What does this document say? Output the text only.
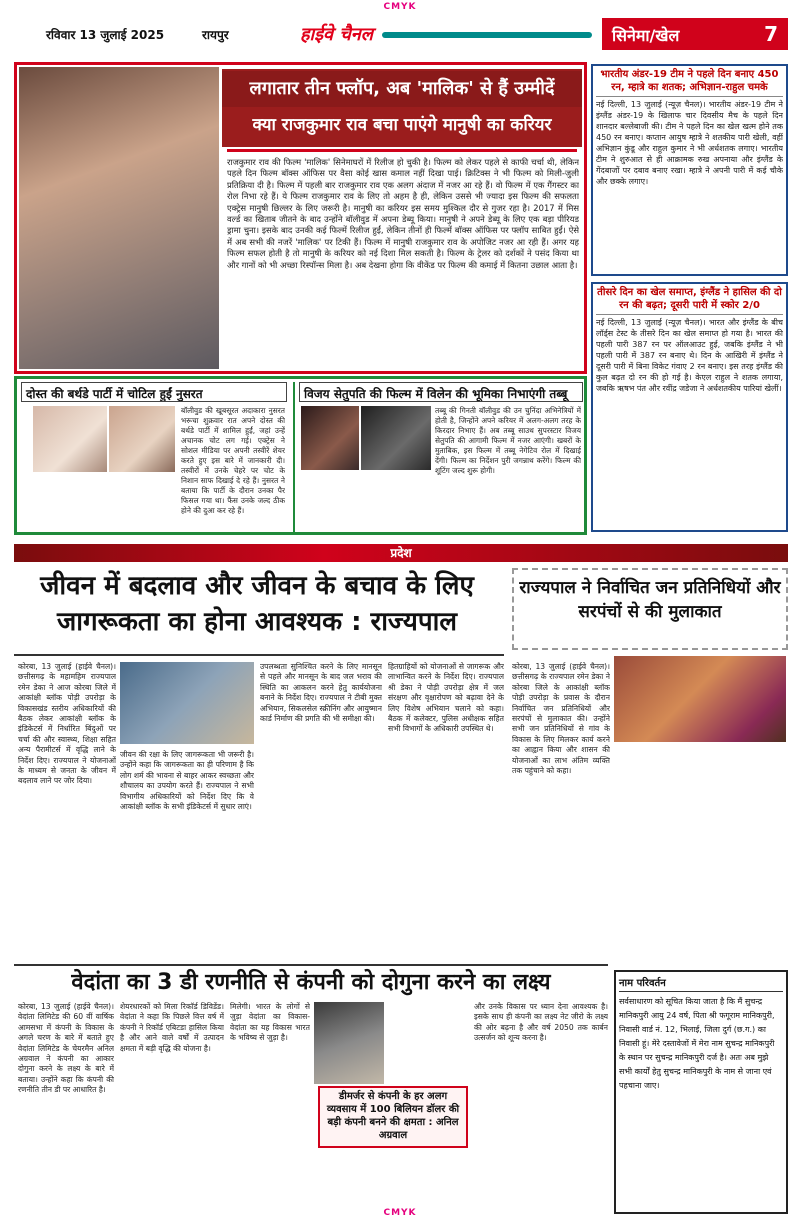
CMYK
रविवार 13 जुलाई 2025	रायपुर	हाईवे चैनल	सिनेमा/खेल	7
लगातार तीन फ्लॉप, अब 'मालिक' से हैं उम्मीदें
क्या राजकुमार राव बचा पाएंगे मानुषी का करियर
राजकुमार राव की फिल्म 'मालिक' सिनेमाघरों में रिलीज हो चुकी है। फिल्म को लेकर पहले से काफी चर्चा थी, लेकिन पहले दिन फिल्म बॉक्स ऑफिस पर वैसा कोई खास कमाल नहीं दिखा पाई। क्रिटिक्स ने भी फिल्म को मिली-जुली प्रतिक्रिया दी है। फिल्म में पहली बार राजकुमार राव एक अलग अंदाज में नजर आ रहे हैं। वो फिल्म में एक गैंगस्टर का रोल निभा रहे हैं। ये फिल्म राजकुमार राव के लिए तो अहम है ही, लेकिन उससे भी ज्यादा इस फिल्म की सफलता एक्ट्रेस मानुषी छिल्लर के लिए जरूरी है। मानुषी का करियर इस समय मुश्किल दौर से गुजर रहा है। 2017 में मिस वर्ल्ड का खिताब जीतने के बाद उन्होंने बॉलीवुड में अपना डेब्यू किया। मानुषी ने अपने डेब्यू के लिए एक बड़ा पीरियड ड्रामा चुना। इसके बाद उनकी कई फिल्में रिलीज हुईं, लेकिन तीनों ही फिल्में बॉक्स ऑफिस पर फ्लॉप साबित हुईं। ऐसे में अब सभी की नजरें 'मालिक' पर टिकी हैं। फिल्म में मानुषी राजकुमार राव के अपोजिट नजर आ रही हैं। अगर यह फिल्म सफल होती है तो मानुषी के करियर को नई दिशा मिल सकती है। फिल्म के ट्रेलर को दर्शकों ने पसंद किया था और गानों को भी अच्छा रिस्पॉन्स मिला है। अब देखना होगा कि वीकेंड पर फिल्म की कमाई में कितना उछाल आता है।
भारतीय अंडर-19 टीम ने पहले दिन बनाए 450 रन, म्हात्रे का शतक; अभिज्ञान-राहुल चमके
नई दिल्ली, 13 जुलाई (न्यूज़ चैनल)। भारतीय अंडर-19 टीम ने इंग्लैंड अंडर-19 के खिलाफ चार दिवसीय मैच के पहले दिन शानदार बल्लेबाजी की। टीम ने पहले दिन का खेल खत्म होने तक 450 रन बनाए। कप्तान आयुष म्हात्रे ने शतकीय पारी खेली, वहीं अभिज्ञान कुंडू और राहुल कुमार ने भी अर्धशतक लगाए। भारतीय टीम ने शुरुआत से ही आक्रामक रुख अपनाया और इंग्लैंड के गेंदबाजों पर दबाव बनाए रखा। म्हात्रे ने अपनी पारी में कई चौके और छक्के लगाए।
तीसरे दिन का खेल समाप्त, इंग्लैंड ने हासिल की दो रन की बढ़त; दूसरी पारी में स्कोर 2/0
नई दिल्ली, 13 जुलाई (न्यूज़ चैनल)। भारत और इंग्लैंड के बीच लॉर्ड्स टेस्ट के तीसरे दिन का खेल समाप्त हो गया है। भारत की पहली पारी 387 रन पर ऑलआउट हुई, जबकि इंग्लैंड ने भी पहली पारी में 387 रन बनाए थे। दिन के आखिरी में इंग्लैंड ने दूसरी पारी में बिना विकेट गंवाए 2 रन बनाए। इस तरह इंग्लैंड की कुल बढ़त दो रन की हो गई है। केएल राहुल ने शतक लगाया, जबकि ऋषभ पंत और रवींद्र जडेजा ने अर्धशतकीय पारियां खेलीं।
दोस्त की बर्थडे पार्टी में चोटिल हुईं नुसरत
बॉलीवुड की खूबसूरत अदाकारा नुसरत भरूचा शुक्रवार रात अपने दोस्त की बर्थडे पार्टी में शामिल हुईं, जहां उन्हें अचानक चोट लग गई। एक्ट्रेस ने सोशल मीडिया पर अपनी तस्वीरें शेयर करते हुए इस बारे में जानकारी दी। तस्वीरों में उनके चेहरे पर चोट के निशान साफ दिखाई दे रहे हैं। नुसरत ने बताया कि पार्टी के दौरान उनका पैर फिसल गया था। फैंस उनके जल्द ठीक होने की दुआ कर रहे हैं।
विजय सेतुपति की फिल्म में विलेन की भूमिका निभाएंगी तब्बू
तब्बू की गिनती बॉलीवुड की उन चुनिंदा अभिनेत्रियों में होती है, जिन्होंने अपने करियर में अलग-अलग तरह के किरदार निभाए हैं। अब तब्बू साउथ सुपरस्टार विजय सेतुपति की आगामी फिल्म में नजर आएंगी। खबरों के मुताबिक, इस फिल्म में तब्बू नेगेटिव रोल में दिखाई देंगी। फिल्म का निर्देशन पुरी जगन्नाथ करेंगे। फिल्म की शूटिंग जल्द शुरू होगी।
प्रदेश
जीवन में बदलाव और जीवन के बचाव के लिए जागरूकता का होना आवश्यक : राज्यपाल
राज्यपाल ने निर्वाचित जन प्रतिनिधियों और सरपंचों से की मुलाकात
कोरबा, 13 जुलाई (हाईवे चैनल)। छत्तीसगढ़ के महामहिम राज्यपाल रमेन डेका ने आज कोरबा जिले में आकांक्षी ब्लॉक पोड़ी उपरोड़ा के विकासखंड स्तरीय अधिकारियों की बैठक लेकर आकांक्षी ब्लॉक के इंडिकेटर्स में निर्धारित बिंदुओं पर चर्चा की और स्वास्थ्य, शिक्षा सहित अन्य पैरामीटर्स में वृद्धि लाने के निर्देश दिए। राज्यपाल ने योजनाओं के माध्यम से जनता के जीवन में बदलाव लाने पर जोर दिया।
जीवन की रक्षा के लिए जागरूकता भी जरूरी है। उन्होंने कहा कि जागरूकता का ही परिणाम है कि लोग शर्म की भावना से बाहर आकर स्वच्छता और शौचालय का उपयोग करते हैं। राज्यपाल ने सभी विभागीय अधिकारियों को निर्देश दिए कि वे आकांक्षी ब्लॉक के सभी इंडिकेटर्स में सुधार लाएं।
उपलब्धता सुनिश्चित करने के लिए मानसून से पहले और मानसून के बाद जल भराव की स्थिति का आकलन करने हेतु कार्ययोजना बनाने के निर्देश दिए। राज्यपाल ने टीबी मुक्त अभियान, सिकलसेल स्क्रीनिंग और आयुष्मान कार्ड निर्माण की प्रगति की भी समीक्षा की।
हितग्राहियों को योजनाओं से जागरूक और लाभान्वित करने के निर्देश दिए। राज्यपाल श्री डेका ने पोड़ी उपरोड़ा क्षेत्र में जल संरक्षण और वृक्षारोपण को बढ़ावा देने के लिए विशेष अभियान चलाने को कहा। बैठक में कलेक्टर, पुलिस अधीक्षक सहित सभी विभागों के अधिकारी उपस्थित थे।
कोरबा, 13 जुलाई (हाईवे चैनल)। छत्तीसगढ़ के राज्यपाल रमेन डेका ने कोरबा जिले के आकांक्षी ब्लॉक पोड़ी उपरोड़ा के प्रवास के दौरान निर्वाचित जन प्रतिनिधियों और सरपंचों से मुलाकात की। उन्होंने सभी जन प्रतिनिधियों से गांव के विकास के लिए मिलकर कार्य करने का आह्वान किया और शासन की योजनाओं का लाभ अंतिम व्यक्ति तक पहुंचाने को कहा।
वेदांता का 3 डी रणनीति से कंपनी को दोगुना करने का लक्ष्य
कोरबा, 13 जुलाई (हाईवे चैनल)। वेदांता लिमिटेड की 60 वीं वार्षिक आमसभा में कंपनी के विकास के अगले चरण के बारे में बताते हुए वेदांता लिमिटेड के चेयरमैन अनिल अग्रवाल ने कंपनी का आकार दोगुना करने के लक्ष्य के बारे में बताया। उन्होंने कहा कि कंपनी की रणनीति तीन डी पर आधारित है।
शेयरधारकों को मिला रिकॉर्ड डिविडेंड। वेदांता ने कहा कि पिछले वित्त वर्ष में कंपनी ने रिकॉर्ड एबिटडा हासिल किया है और आने वाले वर्षों में उत्पादन क्षमता में बड़ी वृद्धि की योजना है।
मिलेगी। भारत के लोगों से जुड़ा वेदांता का विकास- वेदांता का यह विकास भारत के भविष्य से जुड़ा है।
और उनके विकास पर ध्यान देना आवश्यक है। इसके साथ ही कंपनी का लक्ष्य नेट जीरो के लक्ष्य की ओर बढ़ना है और वर्ष 2050 तक कार्बन उत्सर्जन को शून्य करना है।
डीमर्जर से कंपनी के हर अलग व्यवसाय में 100 बिलियन डॉलर की बड़ी कंपनी बनने की क्षमता : अनिल अग्रवाल
नाम परिवर्तन
सर्वसाधारण को सूचित किया जाता है कि मैं सुचन्द्र मानिकपुरी आयु 24 वर्ष, पिता श्री फगूराम मानिकपुरी, निवासी वार्ड नं. 12, भिलाई, जिला दुर्ग (छ.ग.) का निवासी हूं। मेरे दस्तावेजों में मेरा नाम सुचन्द्र मानिकपुरी के स्थान पर सुचन्द्र मानिकपुरी दर्ज है। अतः अब मुझे सभी कार्यों हेतु सुचन्द्र मानिकपुरी के नाम से जाना एवं पहचाना जाए।
CMYK
